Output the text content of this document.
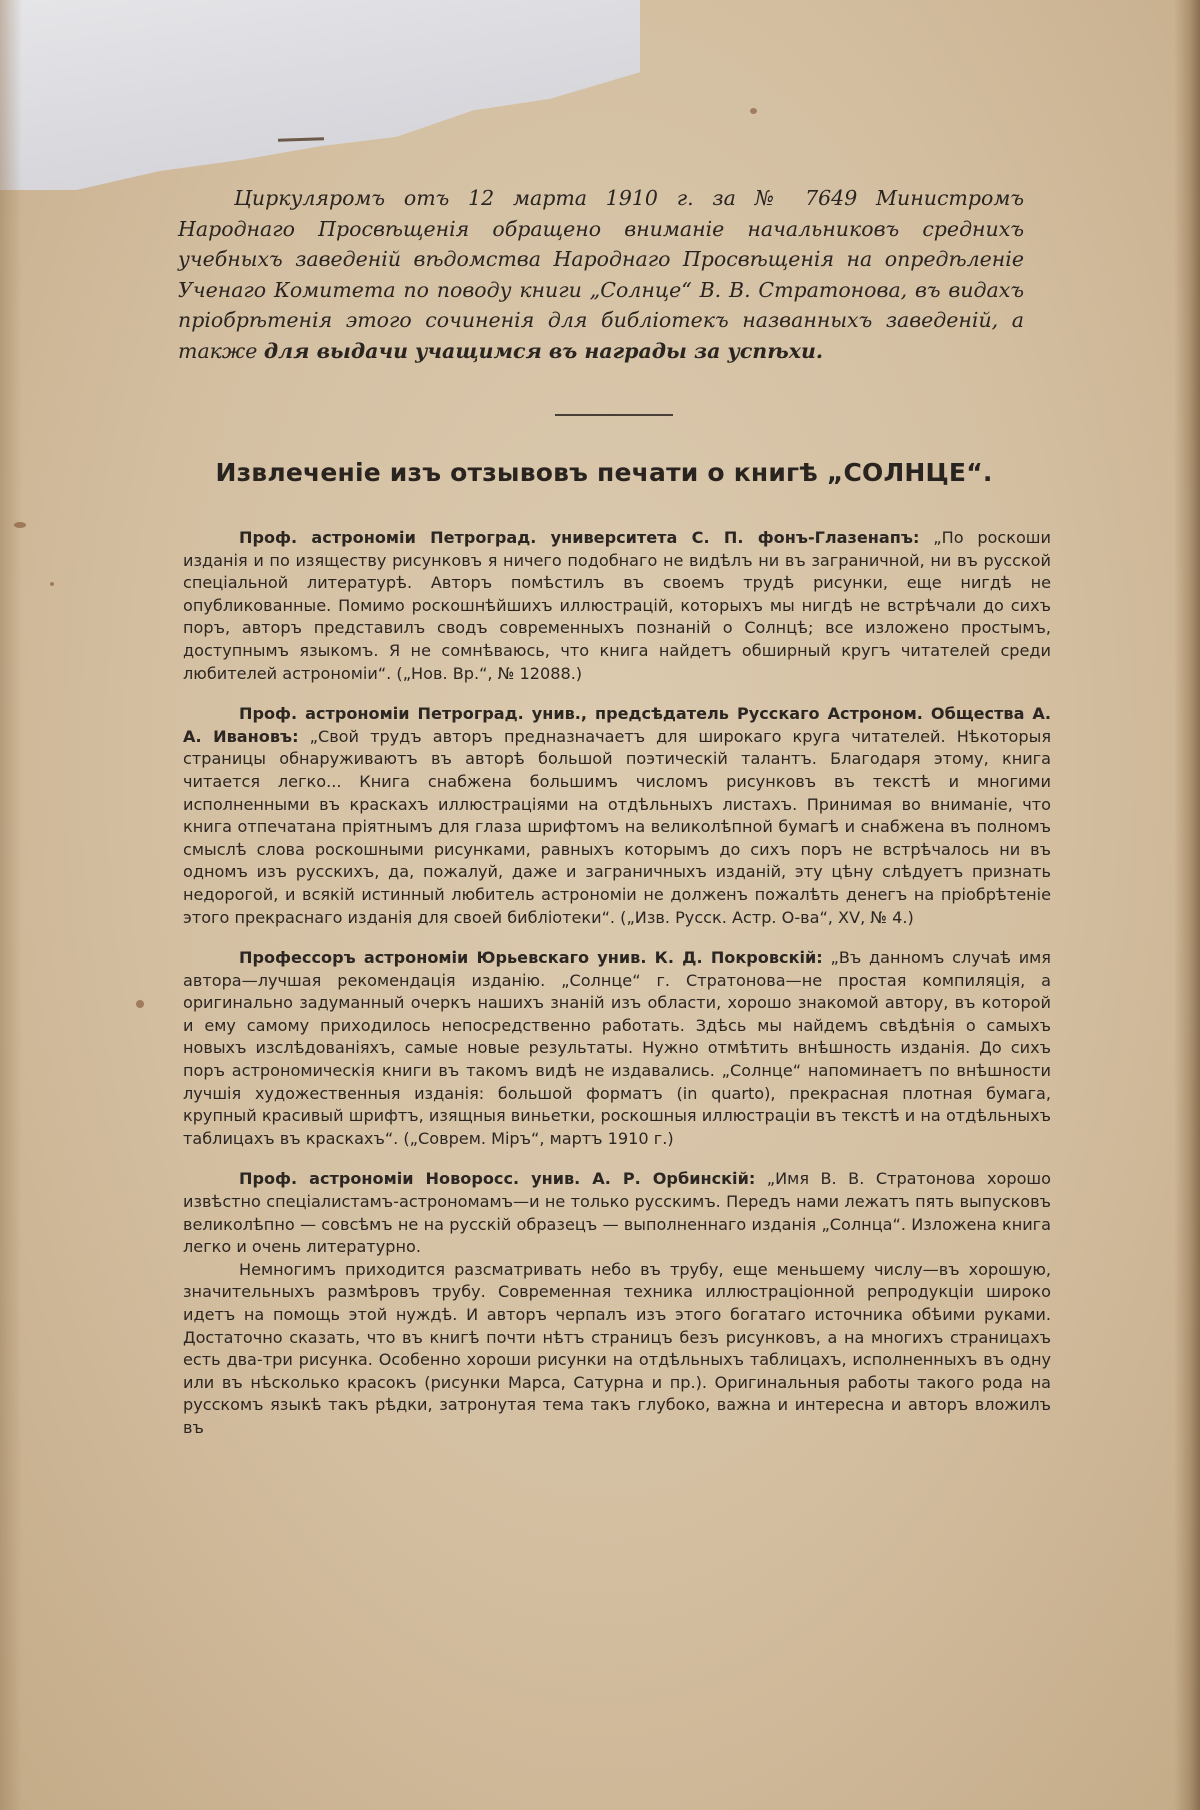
Циркуляромъ отъ 12 марта 1910 г. за № 7649 Министромъ Народнаго Просвѣщенія обращено вниманіе начальниковъ среднихъ учебныхъ заведеній вѣдомства Народнаго Просвѣщенія на опредѣленіе Ученаго Комитета по поводу книги „Солнце“ В. В. Стратонова, въ видахъ пріобрѣтенія этого сочиненія для библіотекъ названныхъ заведеній, а также для выдачи учащимся въ награды за успѣхи.
Извлеченіе изъ отзывовъ печати о книгѣ „СОЛНЦЕ“.

Проф. астрономіи Петроград. университета С. П. фонъ-Глазенапъ: „По роскоши изданія и по изяществу рисунковъ я ничего подобнаго не видѣлъ ни въ заграничной, ни въ русской спеціальной литературѣ. Авторъ помѣстилъ въ своемъ трудѣ рисунки, еще нигдѣ не опубликованные. Помимо роскошнѣйшихъ иллюстрацій, которыхъ мы нигдѣ не встрѣчали до сихъ поръ, авторъ представилъ сводъ современныхъ познаній о Солнцѣ; все изложено простымъ, доступнымъ языкомъ. Я не сомнѣваюсь, что книга найдетъ обширный кругъ читателей среди любителей астрономіи“. („Нов. Вр.“, № 12088.)

Проф. астрономіи Петроград. унив., предсѣдатель Русскаго Астроном. Общества А. А. Ивановъ: „Свой трудъ авторъ предназначаетъ для широкаго круга читателей. Нѣкоторыя страницы обнаруживаютъ въ авторѣ большой поэтическій талантъ. Благодаря этому, книга читается легко... Книга снабжена большимъ числомъ рисунковъ въ текстѣ и многими исполненными въ краскахъ иллюстраціями на отдѣльныхъ листахъ. Принимая во вниманіе, что книга отпечатана пріятнымъ для глаза шрифтомъ на великолѣпной бумагѣ и снабжена въ полномъ смыслѣ слова роскошными рисунками, равныхъ которымъ до сихъ поръ не встрѣчалось ни въ одномъ изъ русскихъ, да, пожалуй, даже и заграничныхъ изданій, эту цѣну слѣдуетъ признать недорогой, и всякій истинный любитель астрономіи не долженъ пожалѣть денегъ на пріобрѣтеніе этого прекраснаго изданія для своей библіотеки“. („Изв. Русск. Астр. О-ва“, XV, № 4.)

Профессоръ астрономіи Юрьевскаго унив. К. Д. Покровскій: „Въ данномъ случаѣ имя автора—лучшая рекомендація изданію. „Солнце“ г. Стратонова—не простая компиляція, а оригинально задуманный очеркъ нашихъ знаній изъ области, хорошо знакомой автору, въ которой и ему самому приходилось непосредственно работать. Здѣсь мы найдемъ свѣдѣнія о самыхъ новыхъ изслѣдованіяхъ, самые новые результаты. Нужно отмѣтить внѣшность изданія. До сихъ поръ астрономическія книги въ такомъ видѣ не издавались. „Солнце“ напоминаетъ по внѣшности лучшія художественныя изданія: большой форматъ (in quarto), прекрасная плотная бумага, крупный красивый шрифтъ, изящныя виньетки, роскошныя иллюстраціи въ текстѣ и на отдѣльныхъ таблицахъ въ краскахъ“. („Соврем. Міръ“, мартъ 1910 г.)

Проф. астрономіи Новоросс. унив. А. Р. Орбинскій: „Имя В. В. Стратонова хорошо извѣстно спеціалистамъ-астрономамъ—и не только русскимъ. Передъ нами лежатъ пять выпусковъ великолѣпно — совсѣмъ не на русскій образецъ — выполненнаго изданія „Солнца“. Изложена книга легко и очень литературно.

Немногимъ приходится разсматривать небо въ трубу, еще меньшему числу—въ хорошую, значительныхъ размѣровъ трубу. Современная техника иллюстраціонной репродукціи широко идетъ на помощь этой нуждѣ. И авторъ черпалъ изъ этого богатаго источника обѣими руками. Достаточно сказать, что въ книгѣ почти нѣтъ страницъ безъ рисунковъ, а на многихъ страницахъ есть два-три рисунка. Особенно хороши рисунки на отдѣльныхъ таблицахъ, исполненныхъ въ одну или въ нѣсколько красокъ (рисунки Марса, Сатурна и пр.). Оригинальныя работы такого рода на русскомъ языкѣ такъ рѣдки, затронутая тема такъ глубоко, важна и интересна и авторъ вложилъ въ
